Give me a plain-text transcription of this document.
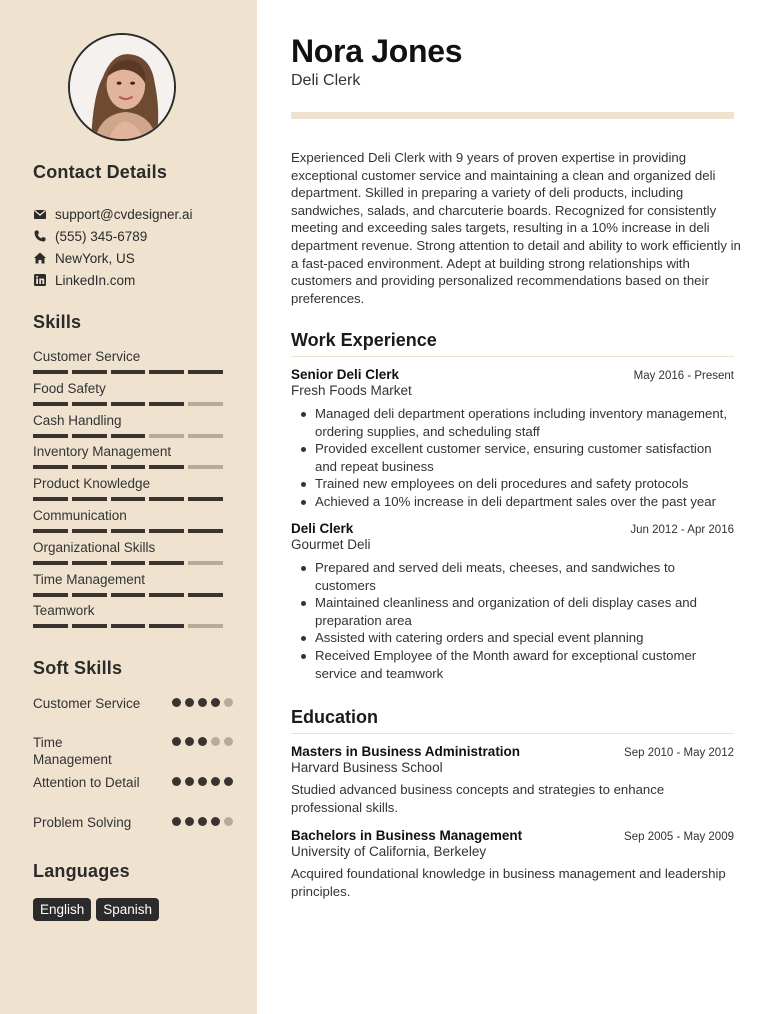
Contact Details
support@cvdesigner.ai
(555) 345-6789
NewYork, US
LinkedIn.com
Skills
Customer Service
Food Safety
Cash Handling
Inventory Management
Product Knowledge
Communication
Organizational Skills
Time Management
Teamwork
Soft Skills
Customer Service
Time Management
Attention to Detail
Problem Solving
Languages
English	Spanish
Nora Jones
Deli Clerk
Experienced Deli Clerk with 9 years of proven expertise in providing exceptional customer service and maintaining a clean and organized deli department. Skilled in preparing a variety of deli products, including sandwiches, salads, and charcuterie boards. Recognized for consistently meeting and exceeding sales targets, resulting in a 10% increase in deli department revenue. Strong attention to detail and ability to work efficiently in a fast-paced environment. Adept at building strong relationships with customers and providing personalized recommendations based on their preferences.
Work Experience
Senior Deli Clerk	May 2016 - Present
Fresh Foods Market
Managed deli department operations including inventory management, ordering supplies, and scheduling staff
Provided excellent customer service, ensuring customer satisfaction and repeat business
Trained new employees on deli procedures and safety protocols
Achieved a 10% increase in deli department sales over the past year
Deli Clerk	Jun 2012 - Apr 2016
Gourmet Deli
Prepared and served deli meats, cheeses, and sandwiches to customers
Maintained cleanliness and organization of deli display cases and preparation area
Assisted with catering orders and special event planning
Received Employee of the Month award for exceptional customer service and teamwork
Education
Masters in Business Administration	Sep 2010 - May 2012
Harvard Business School
Studied advanced business concepts and strategies to enhance professional skills.
Bachelors in Business Management	Sep 2005 - May 2009
University of California, Berkeley
Acquired foundational knowledge in business management and leadership principles.
